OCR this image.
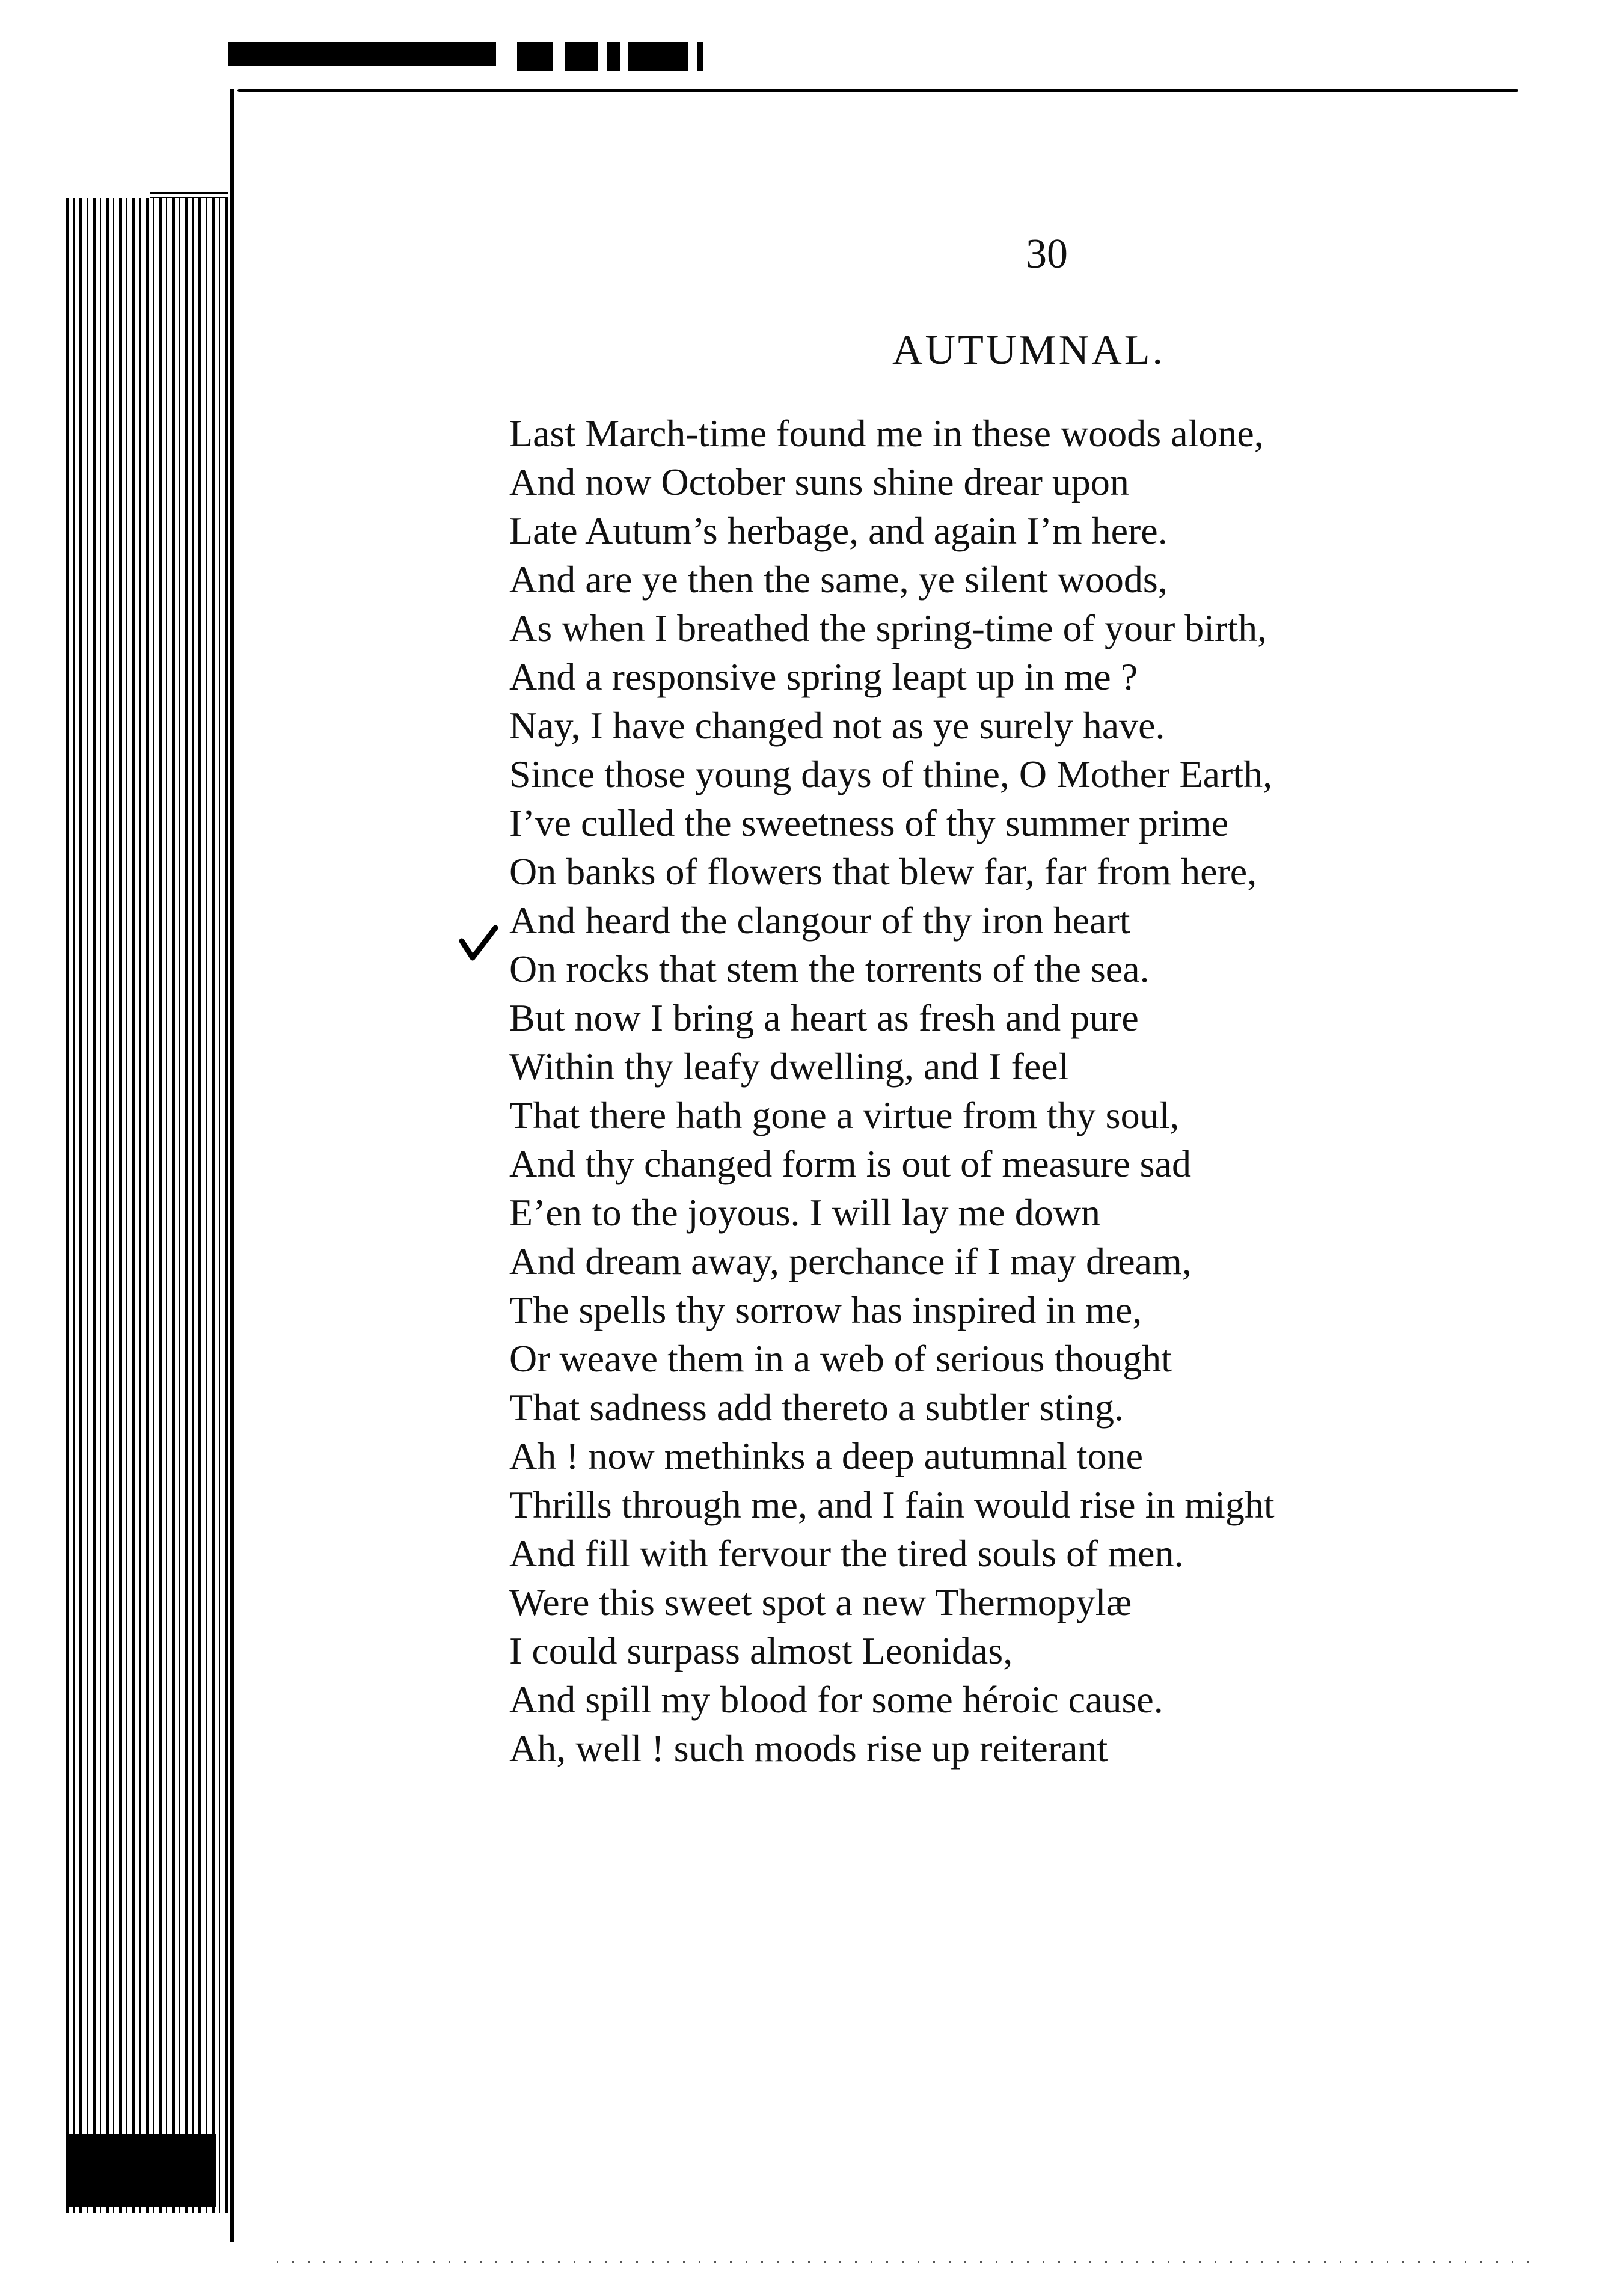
30
AUTUMNAL.
Last March-time found me in these woods alone,
And now October suns shine drear upon
Late Autum’s herbage, and again I’m here.
And are ye then the same, ye silent woods,
As when I breathed the spring-time of your birth,
And a responsive spring leapt up in me ?
Nay, I have changed not as ye surely have.
Since those young days of thine, O Mother Earth,
I’ve culled the sweetness of thy summer prime
On banks of flowers that blew far, far from here,
And heard the clangour of thy iron heart
On rocks that stem the torrents of the sea.
But now I bring a heart as fresh and pure
Within thy leafy dwelling, and I feel
That there hath gone a virtue from thy soul,
And thy changed form is out of measure sad
E’en to the joyous. I will lay me down
And dream away, perchance if I may dream,
The spells thy sorrow has inspired in me,
Or weave them in a web of serious thought
That sadness add thereto a subtler sting.
Ah ! now methinks a deep autumnal tone
Thrills through me, and I fain would rise in might
And fill with fervour the tired souls of men.
Were this sweet spot a new Thermopylæ
I could surpass almost Leonidas,
And spill my blood for some héroic cause.
Ah, well ! such moods rise up reiterant
